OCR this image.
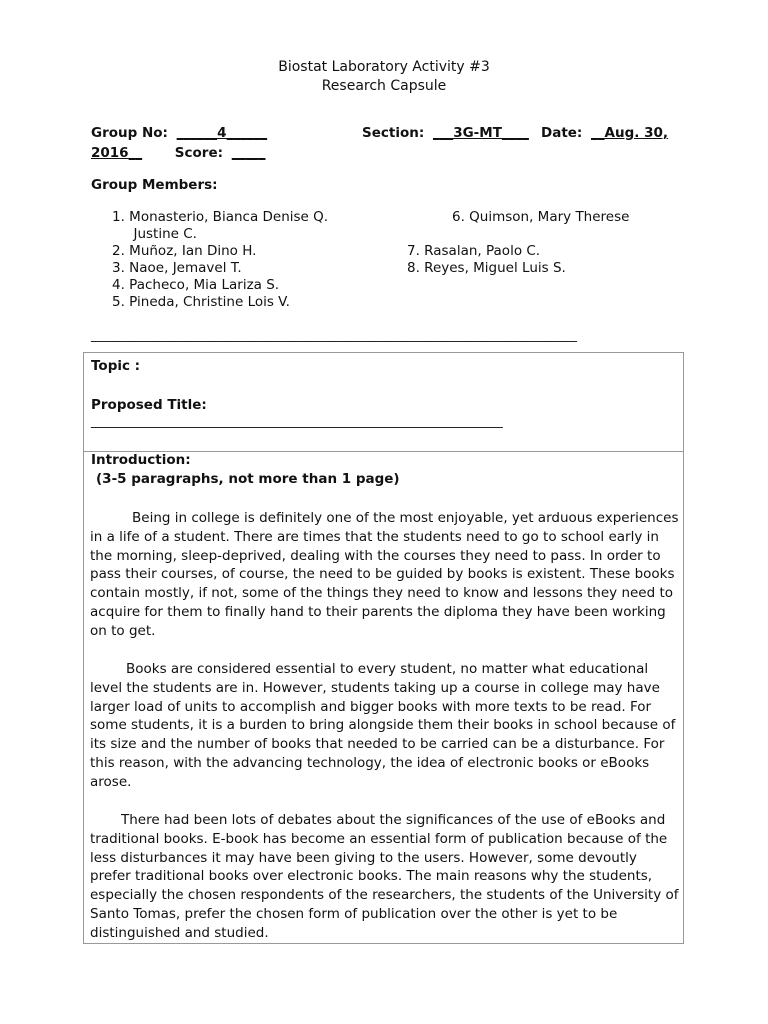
Biostat Laboratory Activity #3
Research Capsule
Group No: ______4______	Section: ___3G-MT____ Date: __Aug. 30,
2016__ Score: _____
Group Members:
1. Monasterio, Bianca Denise Q.
Justine C.
2. Muñoz, Ian Dino H.
3. Naoe, Jemavel T.
4. Pacheco, Mia Lariza S.
5. Pineda, Christine Lois V.
6. Quimson, Mary Therese
7. Rasalan, Paolo C.
8. Reyes, Miguel Luis S.
________________________________________________________________________
Topic :
Proposed Title:
_____________________________________________________________
Introduction:
(3-5 paragraphs, not more than 1 page)
Being in college is definitely one of the most enjoyable, yet arduous experiences in a life of a student. There are times that the students need to go to school early in the morning, sleep-deprived, dealing with the courses they need to pass. In order to pass their courses, of course, the need to be guided by books is existent. These books contain mostly, if not, some of the things they need to know and lessons they need to acquire for them to finally hand to their parents the diploma they have been working on to get.
Books are considered essential to every student, no matter what educational level the students are in. However, students taking up a course in college may have larger load of units to accomplish and bigger books with more texts to be read. For some students, it is a burden to bring alongside them their books in school because of its size and the number of books that needed to be carried can be a disturbance. For this reason, with the advancing technology, the idea of electronic books or eBooks arose.
There had been lots of debates about the significances of the use of eBooks and traditional books. E-book has become an essential form of publication because of the less disturbances it may have been giving to the users. However, some devoutly prefer traditional books over electronic books. The main reasons why the students, especially the chosen respondents of the researchers, the students of the University of Santo Tomas, prefer the chosen form of publication over the other is yet to be distinguished and studied.
